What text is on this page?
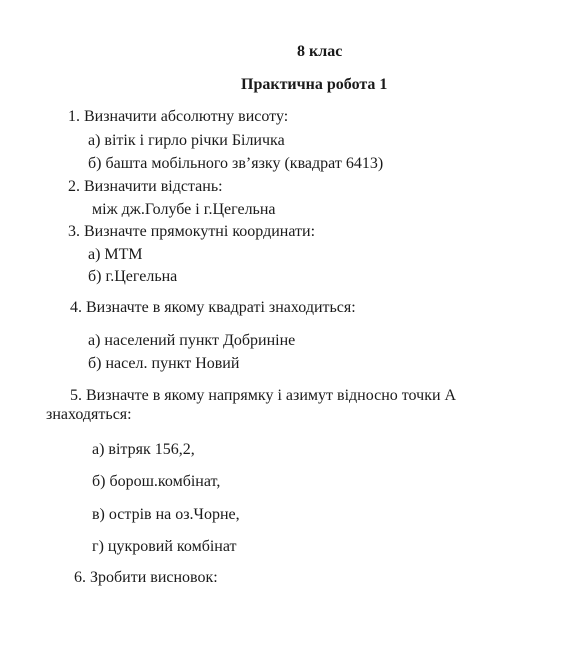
8 клас
Практична робота 1
1. Визначити абсолютну висоту:
а) вітік і гирло річки Біличка
б) башта мобільного зв’язку (квадрат 6413)
2. Визначити відстань:
між дж.Голубе і г.Цегельна
3. Визначте прямокутні координати:
а) МТМ
б) г.Цегельна
4. Визначте в якому квадраті знаходиться:
а) населений пункт Добриніне
б) насел. пункт Новий
5. Визначте в якому напрямку і азимут відносно точки А
знаходяться:
а) вітряк 156,2,
б) борош.комбінат,
в) острів на оз.Чорне,
г) цукровий комбінат
6. Зробити висновок:
